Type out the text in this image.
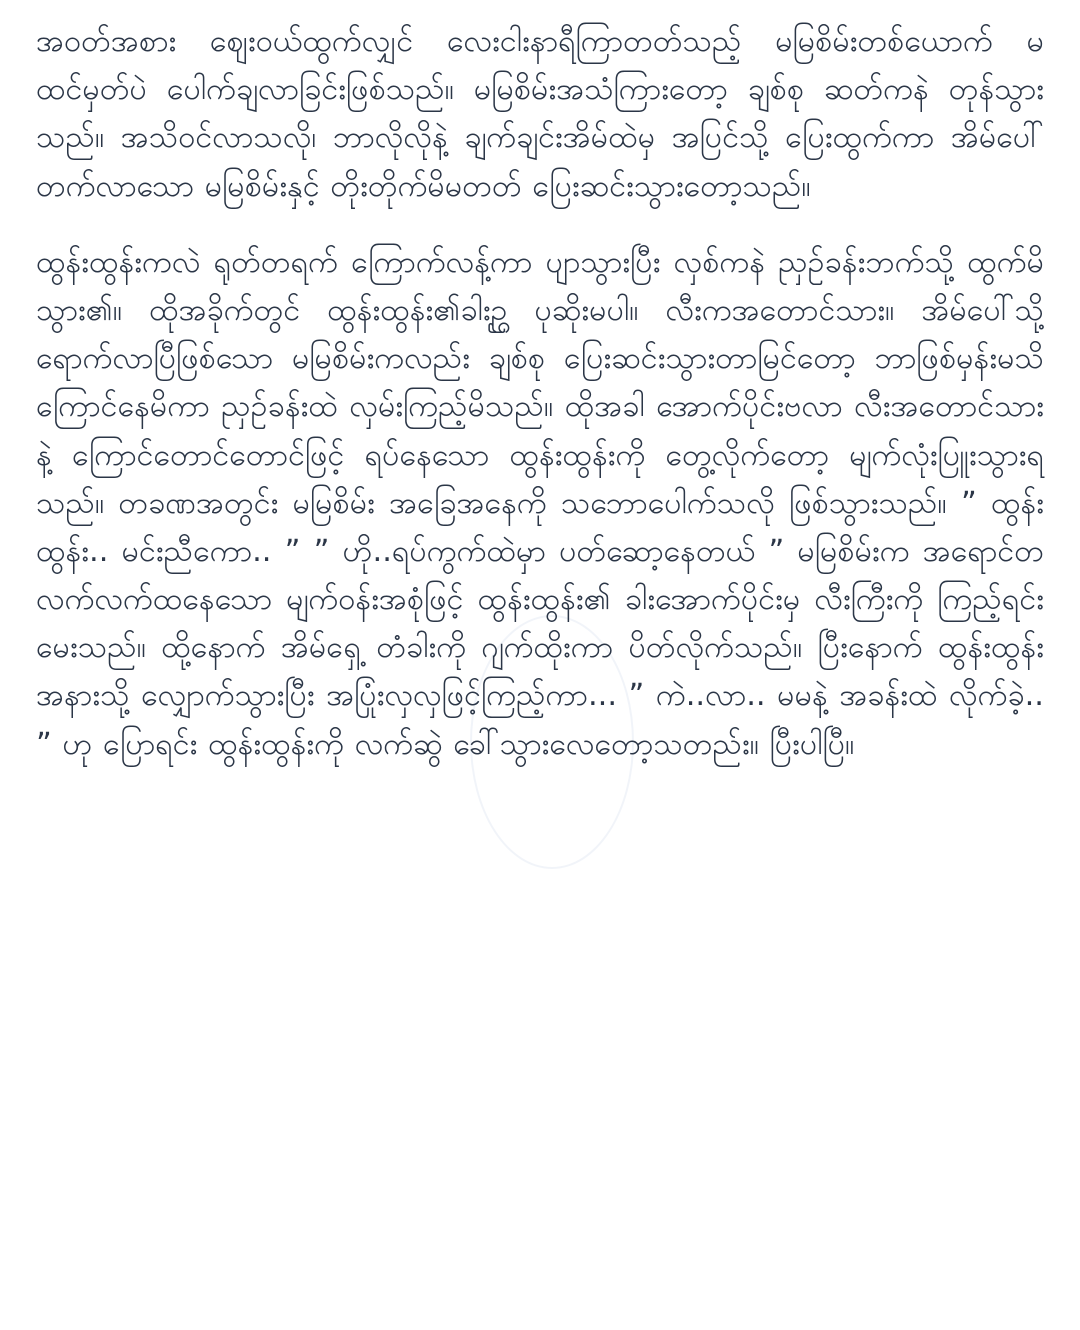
အဝတ်အစား ဈေးဝယ်ထွက်လျှင် လေးငါးနာရီကြာတတ်သည့် မမြစိမ်းတစ်ယောက် မထင်မှတ်ပဲ ပေါက်ချလာခြင်းဖြစ်သည်။ မမြစိမ်းအသံကြားတော့ ချစ်စု ဆတ်ကနဲ တုန်သွားသည်။ အသိဝင်လာသလို၊ ဘာလိုလိုနဲ့ ချက်ချင်းအိမ်ထဲမှ အပြင်သို့ ပြေးထွက်ကာ အိမ်ပေါ်တက်လာသော မမြစိမ်းနှင့် တိုးတိုက်မိမတတ် ပြေးဆင်းသွားတော့သည်။

ထွန်းထွန်းကလဲ ရုတ်တရက် ကြောက်လန့်ကာ ပျာသွားပြီး လှစ်ကနဲ ညှဉ်ခန်းဘက်သို့ ထွက်မိသွား၏။ ထိုအခိုက်တွင် ထွန်းထွန်း၏ခါးဥ္ဌ ပုဆိုးမပါ။ လီးကအတောင်သား။ အိမ်ပေါ်သို့ ရောက်လာပြီဖြစ်သော မမြစိမ်းကလည်း ချစ်စု ပြေးဆင်းသွားတာမြင်တော့ ဘာဖြစ်မှန်းမသိ ကြောင်နေမိကာ ညှဉ်ခန်းထဲ လှမ်းကြည့်မိသည်။ ထိုအခါ အောက်ပိုင်းဗလာ လီးအတောင်သားနဲ့ ကြောင်တောင်တောင်ဖြင့် ရပ်နေသော ထွန်းထွန်းကို တွေ့လိုက်တော့ မျက်လုံးပြူးသွားရသည်။ တခဏအတွင်း မမြစိမ်း အခြေအနေကို သဘောပေါက်သလို ဖြစ်သွားသည်။ ” ထွန်းထွန်း.. မင်းညီကော.. ” ” ဟို..ရပ်ကွက်ထဲမှာ ပတ်ဆော့နေတယ် ” မမြစိမ်းက အရောင်တလက်လက်ထနေသော မျက်ဝန်းအစုံဖြင့် ထွန်းထွန်း၏ ခါးအောက်ပိုင်းမှ လီးကြီးကို ကြည့်ရင်း မေးသည်။ ထို့နောက် အိမ်ရှေ့ တံခါးကို ဂျက်ထိုးကာ ပိတ်လိုက်သည်။ ပြီးနောက် ထွန်းထွန်း အနားသို့ လျှောက်သွားပြီး အပြုံးလှလှဖြင့်ကြည့်ကာ... ” ကဲ..လာ.. မမနဲ့ အခန်းထဲ လိုက်ခဲ့.. ” ဟု ပြောရင်း ထွန်းထွန်းကို လက်ဆွဲ ခေါ်သွားလေတော့သတည်း။ ပြီးပါပြီ။
